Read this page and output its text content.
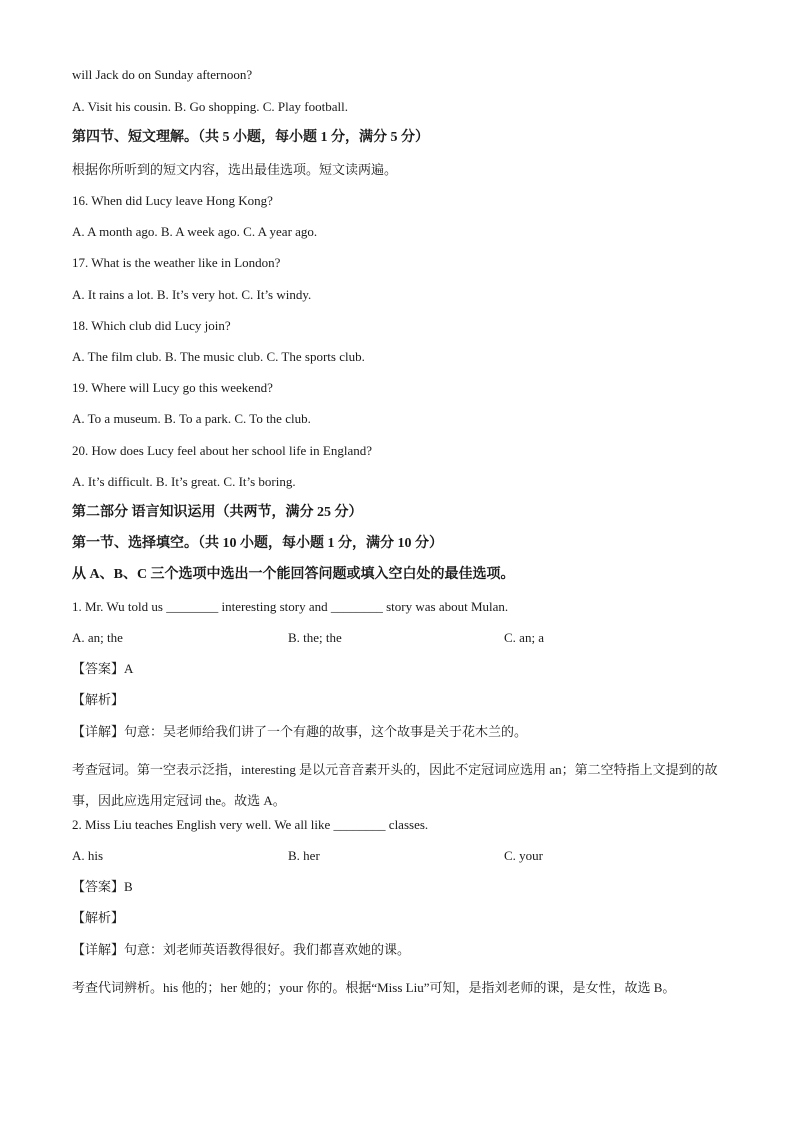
will Jack do on Sunday afternoon?
A. Visit his cousin. B. Go shopping. C. Play football.
第四节、短文理解。（共 5 小题，每小题 1 分，满分 5 分）
根据你所听到的短文内容，选出最佳选项。短文读两遍。
16. When did Lucy leave Hong Kong?
A. A month ago. B. A week ago. C. A year ago.
17. What is the weather like in London?
A. It rains a lot. B. It’s very hot. C. It’s windy.
18. Which club did Lucy join?
A. The film club. B. The music club. C. The sports club.
19. Where will Lucy go this weekend?
A. To a museum. B. To a park. C. To the club.
20. How does Lucy feel about her school life in England?
A. It’s difficult. B. It’s great. C. It’s boring.
第二部分 语言知识运用（共两节，满分 25 分）
第一节、选择填空。（共 10 小题，每小题 1 分，满分 10 分）
从 A、B、C 三个选项中选出一个能回答问题或填入空白处的最佳选项。
1. Mr. Wu told us ________ interesting story and ________ story was about Mulan.
A. an; the	B. the; the	C. an; a
【答案】A
【解析】
【详解】句意：吴老师给我们讲了一个有趣的故事，这个故事是关于花木兰的。
考查冠词。第一空表示泛指，interesting 是以元音音素开头的，因此不定冠词应选用 an；第二空特指上文提到的故事，因此应选用定冠词 the。故选 A。
2. Miss Liu teaches English very well. We all like ________ classes.
A. his	B. her	C. your
【答案】B
【解析】
【详解】句意：刘老师英语教得很好。我们都喜欢她的课。
考查代词辨析。his 他的；her 她的；your 你的。根据“Miss Liu”可知，是指刘老师的课，是女性，故选 B。
